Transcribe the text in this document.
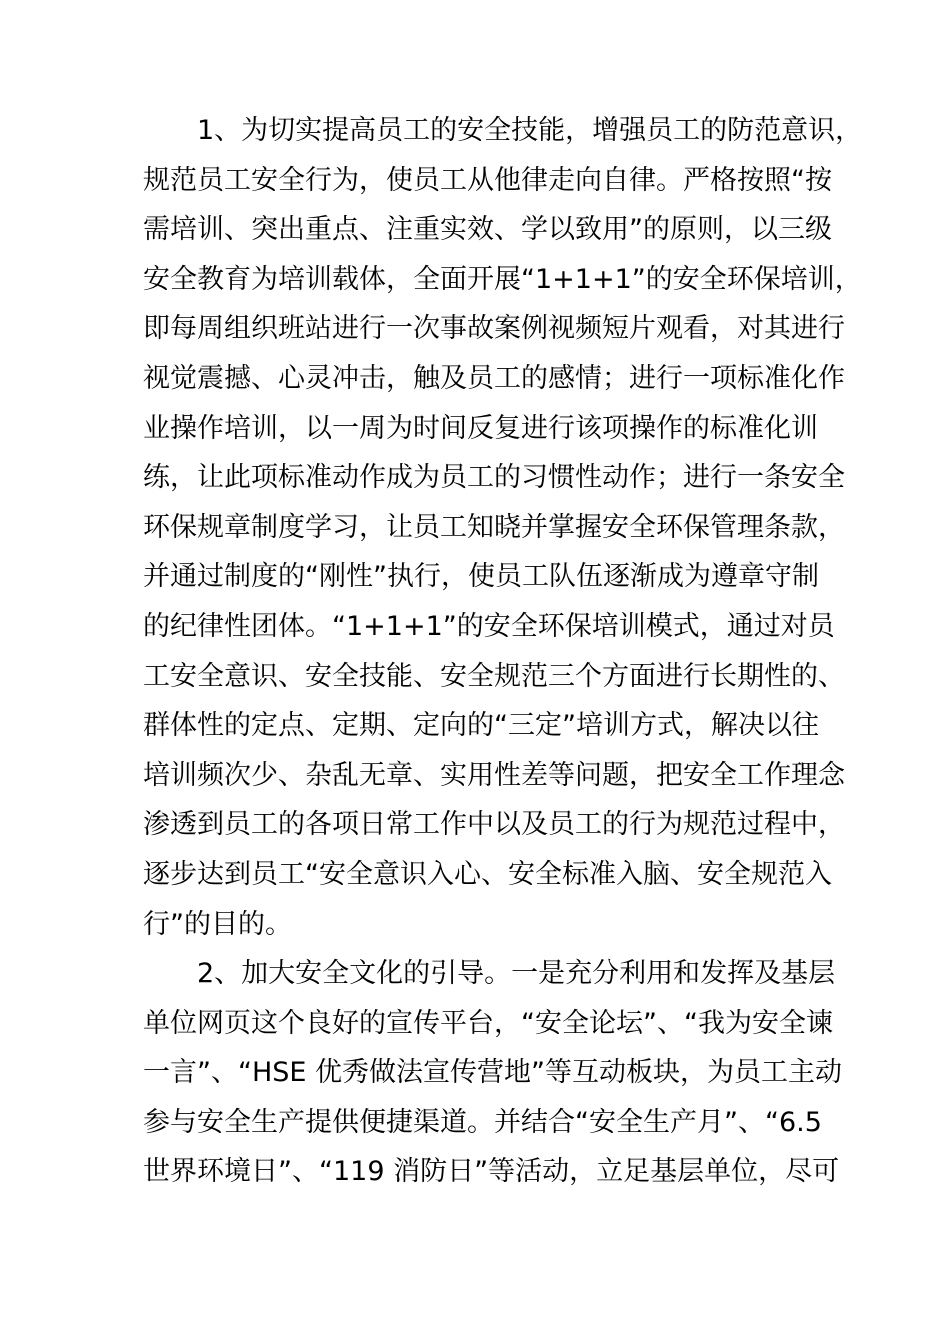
1、为切实提高员工的安全技能，增强员工的防范意识，
规范员工安全行为，使员工从他律走向自律。严格按照“按
需培训、突出重点、注重实效、学以致用”的原则，以三级
安全教育为培训载体，全面开展“1+1+1”的安全环保培训，
即每周组织班站进行一次事故案例视频短片观看，对其进行
视觉震撼、心灵冲击，触及员工的感情；进行一项标准化作
业操作培训，以一周为时间反复进行该项操作的标准化训
练，让此项标准动作成为员工的习惯性动作；进行一条安全
环保规章制度学习，让员工知晓并掌握安全环保管理条款，
并通过制度的“刚性”执行，使员工队伍逐渐成为遵章守制
的纪律性团体。“1+1+1”的安全环保培训模式，通过对员
工安全意识、安全技能、安全规范三个方面进行长期性的、
群体性的定点、定期、定向的“三定”培训方式，解决以往
培训频次少、杂乱无章、实用性差等问题，把安全工作理念
渗透到员工的各项日常工作中以及员工的行为规范过程中，
逐步达到员工“安全意识入心、安全标准入脑、安全规范入
行”的目的。
2、加大安全文化的引导。一是充分利用和发挥及基层
单位网页这个良好的宣传平台，“安全论坛”、“我为安全谏
一言”、“HSE 优秀做法宣传营地”等互动板块，为员工主动
参与安全生产提供便捷渠道。并结合“安全生产月”、“6.5
世界环境日”、“119 消防日”等活动，立足基层单位，尽可
